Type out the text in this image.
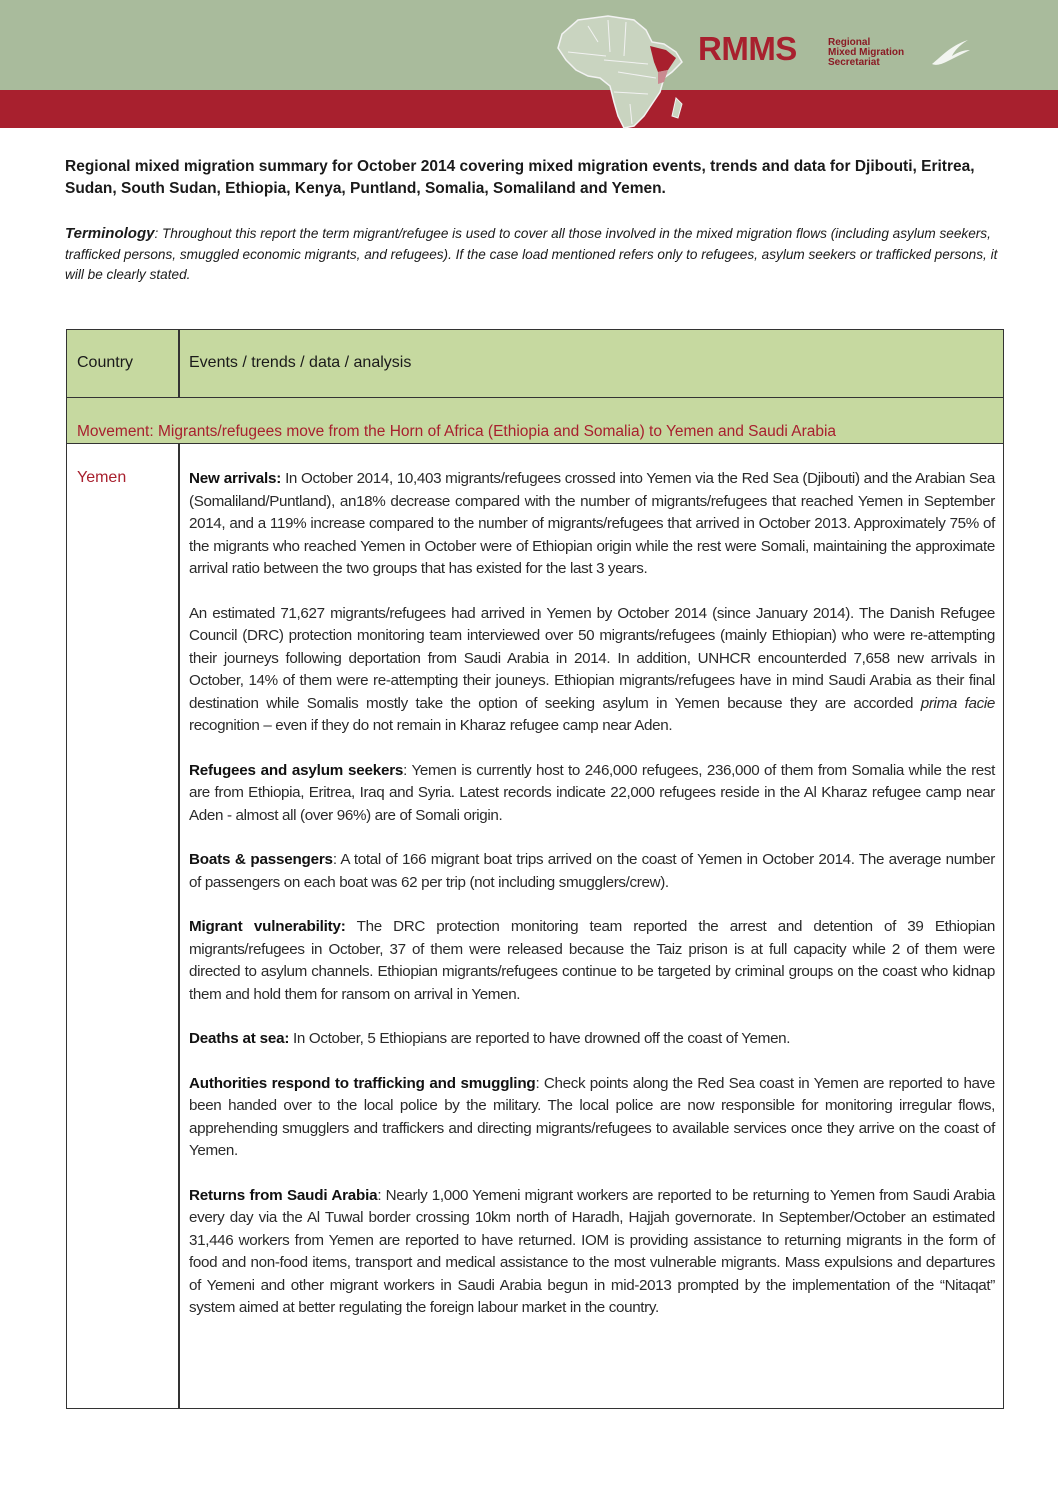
RMMS	Regional
Mixed Migration
Secretariat
Regional mixed migration summary for October 2014 covering mixed migration events, trends and data for Djibouti, Eritrea, Sudan, South Sudan, Ethiopia, Kenya, Puntland, Somalia, Somaliland and Yemen.
Terminology: Throughout this report the term migrant/refugee is used to cover all those involved in the mixed migration flows (including asylum seekers, trafficked persons, smuggled economic migrants, and refugees). If the case load mentioned refers only to refugees, asylum seekers or trafficked persons, it will be clearly stated.
Country	Events / trends / data / analysis
Movement: Migrants/refugees move from the Horn of Africa (Ethiopia and Somalia) to Yemen and Saudi Arabia
Yemen	New arrivals: In October 2014, 10,403 migrants/refugees crossed into Yemen via the Red Sea (Djibouti) and the Arabian Sea (Somaliland/Puntland), an18% decrease compared with the number of migrants/refugees that reached Yemen in September 2014, and a 119% increase compared to the number of migrants/refugees that arrived in October 2013. Approximately 75% of the migrants who reached Yemen in October were of Ethiopian origin while the rest were Somali, maintaining the approximate arrival ratio between the two groups that has existed for the last 3 years.

An estimated 71,627 migrants/refugees had arrived in Yemen by October 2014 (since January 2014). The Danish Refugee Council (DRC) protection monitoring team interviewed over 50 migrants/refugees (mainly Ethiopian) who were re-attempting their journeys following deportation from Saudi Arabia in 2014. In addition, UNHCR encounterded 7,658 new arrivals in October, 14% of them were re-attempting their jouneys. Ethiopian migrants/refugees have in mind Saudi Arabia as their final destination while Somalis mostly take the option of seeking asylum in Yemen because they are accorded prima facie recognition – even if they do not remain in Kharaz refugee camp near Aden.

Refugees and asylum seekers: Yemen is currently host to 246,000 refugees, 236,000 of them from Somalia while the rest are from Ethiopia, Eritrea, Iraq and Syria. Latest records indicate 22,000 refugees reside in the Al Kharaz refugee camp near Aden - almost all (over 96%) are of Somali origin.

Boats & passengers: A total of 166 migrant boat trips arrived on the coast of Yemen in October 2014. The average number of passengers on each boat was 62 per trip (not including smugglers/crew).

Migrant vulnerability: The DRC protection monitoring team reported the arrest and detention of 39 Ethiopian migrants/refugees in October, 37 of them were released because the Taiz prison is at full capacity while 2 of them were directed to asylum channels. Ethiopian migrants/refugees continue to be targeted by criminal groups on the coast who kidnap them and hold them for ransom on arrival in Yemen.

Deaths at sea: In October, 5 Ethiopians are reported to have drowned off the coast of Yemen.

Authorities respond to trafficking and smuggling: Check points along the Red Sea coast in Yemen are reported to have been handed over to the local police by the military. The local police are now responsible for monitoring irregular flows, apprehending smugglers and traffickers and directing migrants/refugees to available services once they arrive on the coast of Yemen.

Returns from Saudi Arabia: Nearly 1,000 Yemeni migrant workers are reported to be returning to Yemen from Saudi Arabia every day via the Al Tuwal border crossing 10km north of Haradh, Hajjah governorate. In September/October an estimated 31,446 workers from Yemen are reported to have returned. IOM is providing assistance to returning migrants in the form of food and non-food items, transport and medical assistance to the most vulnerable migrants. Mass expulsions and departures of Yemeni and other migrant workers in Saudi Arabia begun in mid-2013 prompted by the implementation of the “Nitaqat” system aimed at better regulating the foreign labour market in the country.
